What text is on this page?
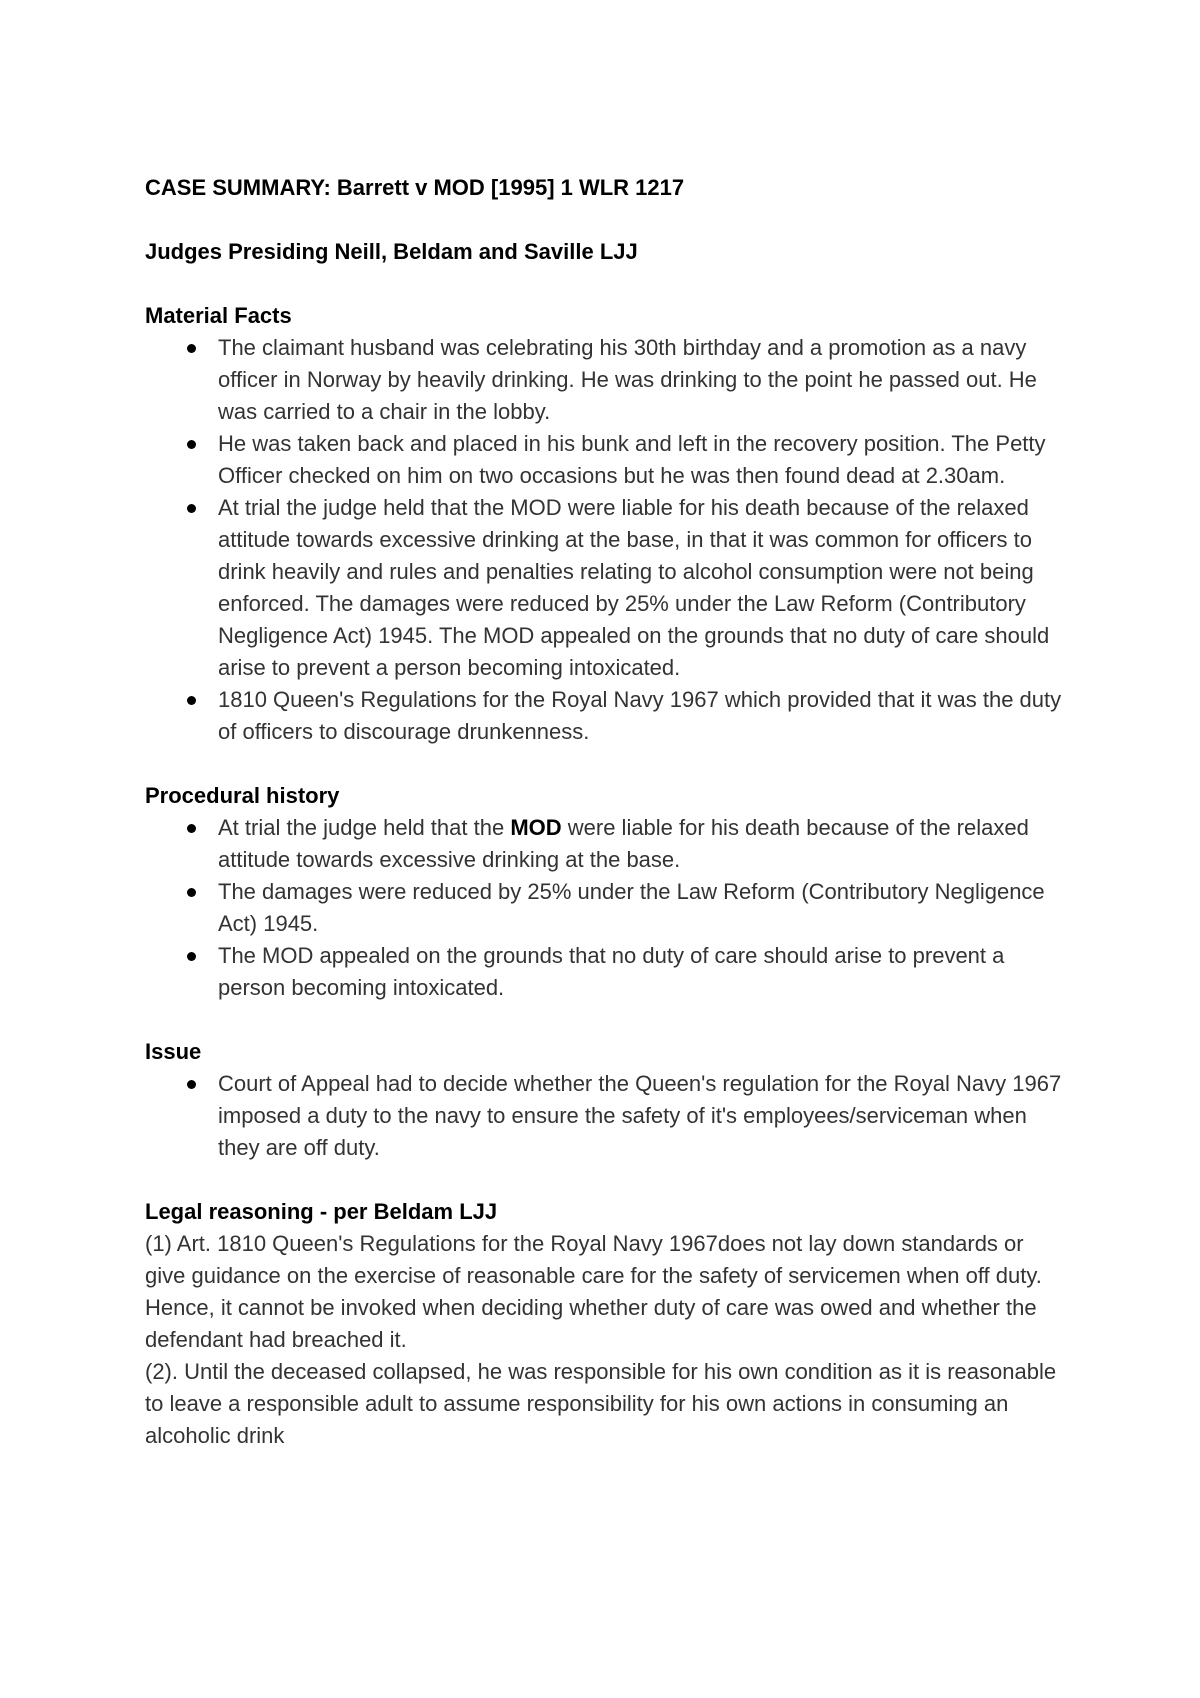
CASE SUMMARY: Barrett v MOD [1995] 1 WLR 1217

Judges Presiding Neill, Beldam and Saville LJJ

Material Facts

The claimant husband was celebrating his 30th birthday and a promotion as a navy officer in Norway by heavily drinking. He was drinking to the point he passed out. He was carried to a chair in the lobby.
He was taken back and placed in his bunk and left in the recovery position. The Petty Officer checked on him on two occasions but he was then found dead at 2.30am.
At trial the judge held that the MOD were liable for his death because of the relaxed attitude towards excessive drinking at the base, in that it was common for officers to drink heavily and rules and penalties relating to alcohol consumption were not being enforced. The damages were reduced by 25% under the Law Reform (Contributory Negligence Act) 1945. The MOD appealed on the grounds that no duty of care should arise to prevent a person becoming intoxicated.
1810 Queen's Regulations for the Royal Navy 1967 which provided that it was the duty of officers to discourage drunkenness.

Procedural history

At trial the judge held that the MOD were liable for his death because of the relaxed attitude towards excessive drinking at the base.
The damages were reduced by 25% under the Law Reform (Contributory Negligence Act) 1945.
The MOD appealed on the grounds that no duty of care should arise to prevent a person becoming intoxicated.

Issue

Court of Appeal had to decide whether the Queen's regulation for the Royal Navy 1967 imposed a duty to the navy to ensure the safety of it's employees/serviceman when they are off duty.

Legal reasoning - per Beldam LJJ

(1) Art. 1810 Queen's Regulations for the Royal Navy 1967does not lay down standards or give guidance on the exercise of reasonable care for the safety of servicemen when off duty. Hence, it cannot be invoked when deciding whether duty of care was owed and whether the defendant had breached it.

(2). Until the deceased collapsed, he was responsible for his own condition as it is reasonable to leave a responsible adult to assume responsibility for his own actions in consuming an alcoholic drink
